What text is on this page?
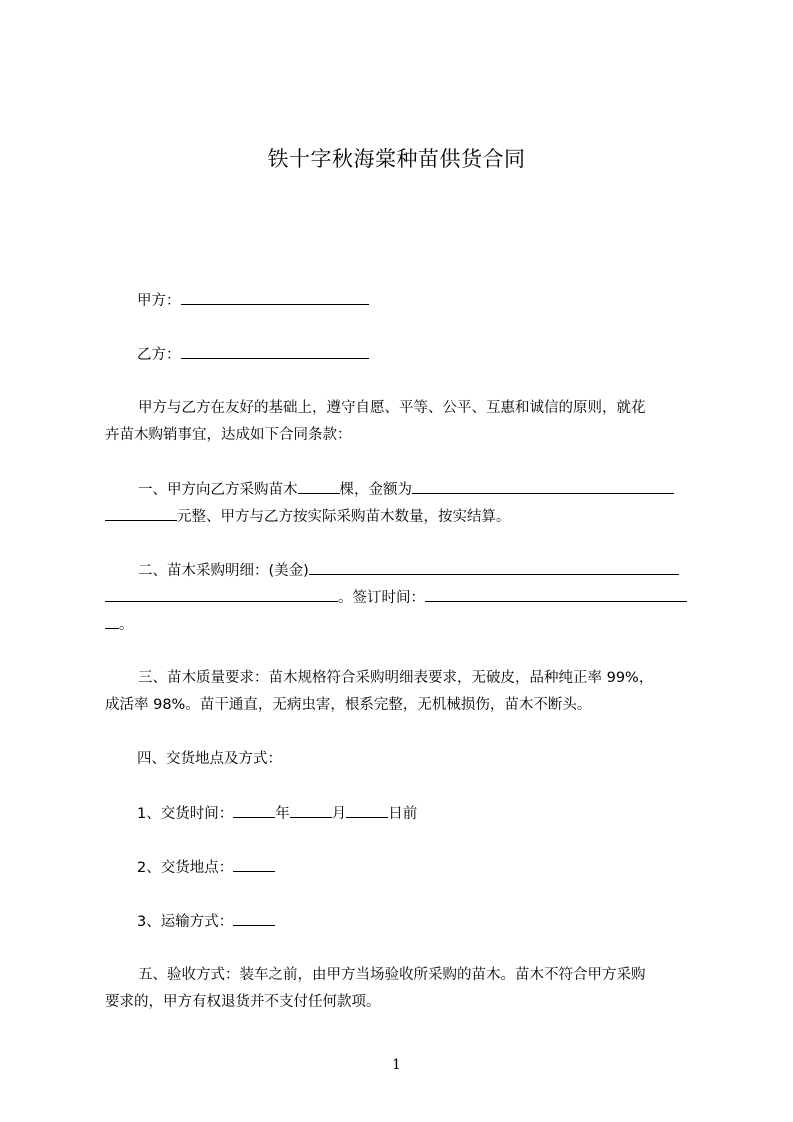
铁十字秋海棠种苗供货合同

甲方：

乙方：

甲方与乙方在友好的基础上，遵守自愿、平等、公平、互惠和诚信的原则，就花

卉苗木购销事宜，达成如下合同条款：

一、甲方向乙方采购苗木	棵，金额为

元整、甲方与乙方按实际采购苗木数量，按实结算。

二、苗木采购明细：(美金)

。签订时间：

。

三、苗木质量要求：苗木规格符合采购明细表要求，无破皮，品种纯正率 99%，

成活率 98%。苗干通直，无病虫害，根系完整，无机械损伤，苗木不断头。

四、交货地点及方式：

1、交货时间：	年	月	日前

2、交货地点：

3、运输方式：

五、验收方式：装车之前，由甲方当场验收所采购的苗木。苗木不符合甲方采购

要求的，甲方有权退货并不支付任何款项。

1
